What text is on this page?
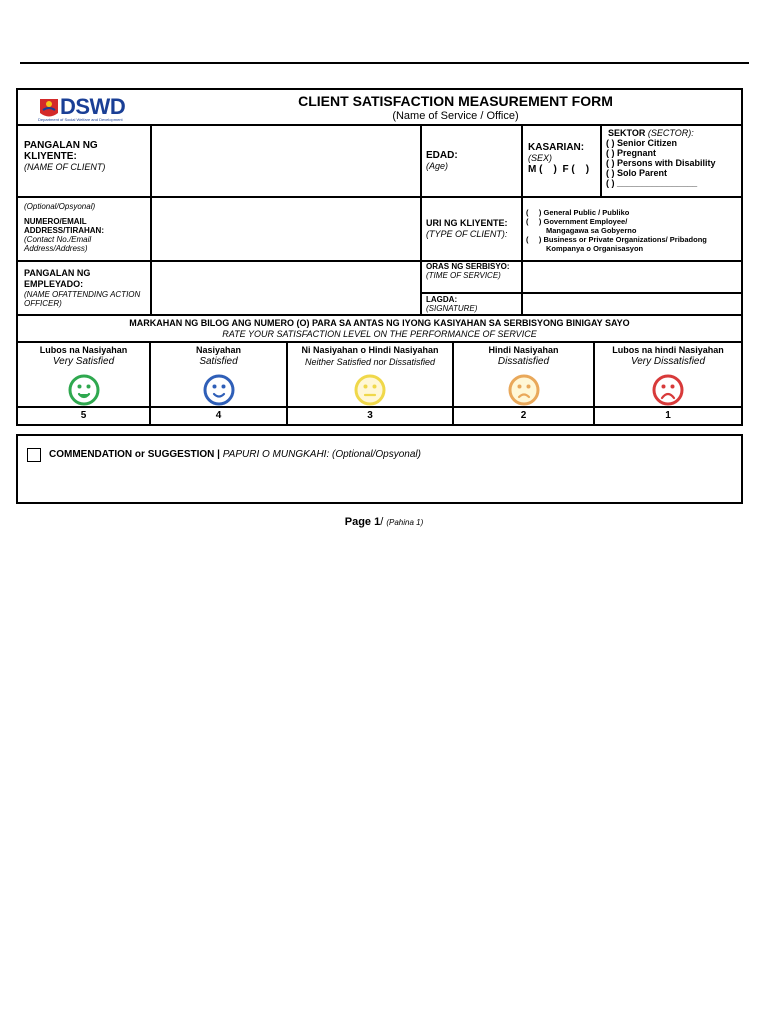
DSWD
Department of Social Welfare and Development
CLIENT SATISFACTION MEASUREMENT FORM
(Name of Service / Office)
PANGALAN NG KLIYENTE:
(NAME OF CLIENT)
EDAD:
(Age)
KASARIAN:
(SEX)
M (    )  F (    )
SEKTOR (SECTOR):
( ) Senior Citizen
( ) Pregnant
( ) Persons with Disability
( ) Solo Parent
( ) ________________
(Optional/Opsyonal)
NUMERO/EMAIL ADDRESS/TIRAHAN:
(Contact No./Email Address/Address)
URI NG KLIYENTE:
(TYPE OF CLIENT):
(     ) General Public / Publiko
(     ) Government Employee/
Mangagawa sa Gobyerno
(     ) Business or Private Organizations/ Pribadong
Kompanya o Organisasyon
PANGALAN NG EMPLEYADO:
(NAME OFATTENDING ACTION OFFICER)
ORAS NG SERBISYO:
(TIME OF SERVICE)
LAGDA:
(SIGNATURE)
MARKAHAN NG BILOG ANG NUMERO (O) PARA SA ANTAS NG IYONG KASIYAHAN SA SERBISYONG BINIGAY SAYO
RATE YOUR SATISFACTION LEVEL ON THE PERFORMANCE OF SERVICE
Lubos na Nasiyahan
Very Satisfied
5
Nasiyahan
Satisfied
4
Ni Nasiyahan o Hindi Nasiyahan
Neither Satisfied nor Dissatisfied
3
Hindi Nasiyahan
Dissatisfied
2
Lubos na hindi Nasiyahan
Very Dissatisfied
1
COMMENDATION or SUGGESTION | PAPURI O MUNGKAHI: (Optional/Opsyonal)
Page 1/ (Pahina 1)
